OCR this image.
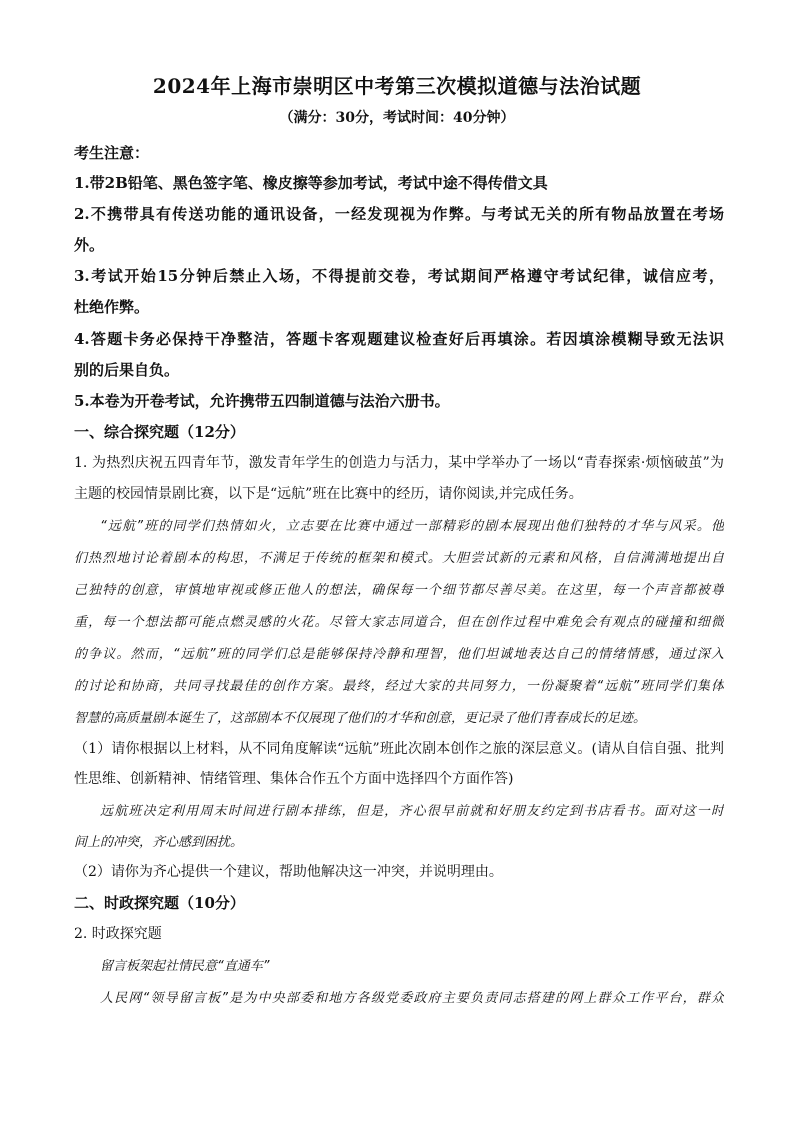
2024年上海市崇明区中考第三次模拟道德与法治试题
（满分：30分，考试时间：40分钟）
考生注意：
1.带2B铅笔、黑色签字笔、橡皮擦等参加考试，考试中途不得传借文具
2.不携带具有传送功能的通讯设备，一经发现视为作弊。与考试无关的所有物品放置在考场
外。
3.考试开始15分钟后禁止入场，不得提前交卷，考试期间严格遵守考试纪律，诚信应考，
杜绝作弊。
4.答题卡务必保持干净整洁，答题卡客观题建议检查好后再填涂。若因填涂模糊导致无法识
别的后果自负。
5.本卷为开卷考试，允许携带五四制道德与法治六册书。
一、综合探究题（12分）
1. 为热烈庆祝五四青年节，激发青年学生的创造力与活力，某中学举办了一场以“青春探索·烦恼破茧”为
主题的校园情景剧比赛，以下是“远航”班在比赛中的经历，请你阅读,并完成任务。
“远航”班的同学们热情如火，立志要在比赛中通过一部精彩的剧本展现出他们独特的才华与风采。他
们热烈地讨论着剧本的构思，不满足于传统的框架和模式。大胆尝试新的元素和风格，自信满满地提出自
己独特的创意，审慎地审视或修正他人的想法，确保每一个细节都尽善尽美。在这里，每一个声音都被尊
重，每一个想法都可能点燃灵感的火花。尽管大家志同道合，但在创作过程中难免会有观点的碰撞和细微
的争议。然而，“远航”班的同学们总是能够保持冷静和理智，他们坦诚地表达自己的情绪情感，通过深入
的讨论和协商，共同寻找最佳的创作方案。最终，经过大家的共同努力，一份凝聚着“远航”班同学们集体
智慧的高质量剧本诞生了，这部剧本不仅展现了他们的才华和创意，更记录了他们青春成长的足迹。
（1）请你根据以上材料，从不同角度解读“远航”班此次剧本创作之旅的深层意义。(请从自信自强、批判
性思维、创新精神、情绪管理、集体合作五个方面中选择四个方面作答)
远航班决定利用周末时间进行剧本排练，但是，齐心很早前就和好朋友约定到书店看书。面对这一时
间上的冲突，齐心感到困扰。
（2）请你为齐心提供一个建议，帮助他解决这一冲突，并说明理由。
二、时政探究题（10分）
2. 时政探究题
留言板架起社情民意“直通车”
人民网“领导留言板”是为中央部委和地方各级党委政府主要负责同志搭建的网上群众工作平台，群众
